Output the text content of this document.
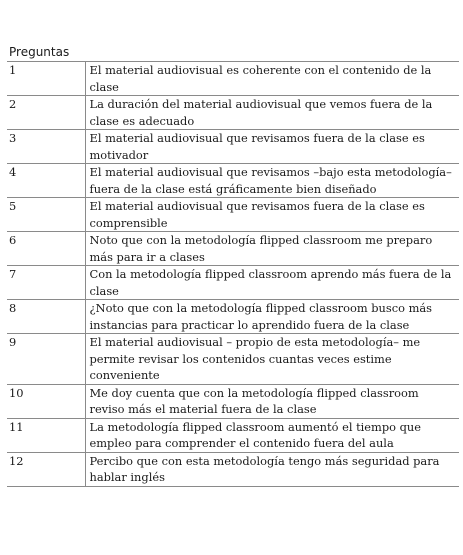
Preguntas
1	El material audiovisual es coherente con el contenido de la clase
2	La duración del material audiovisual que vemos fuera de la clase es adecuado
3	El material audiovisual que revisamos fuera de la clase es motivador
4	El material audiovisual que revisamos –bajo esta metodología– fuera de la clase está gráficamente bien diseñado
5	El material audiovisual que revisamos fuera de la clase es comprensible
6	Noto que con la metodología flipped classroom me preparo más para ir a clases
7	Con la metodología flipped classroom aprendo más fuera de la clase
8	¿Noto que con la metodología flipped classroom busco más instancias para practicar lo aprendido fuera de la clase
9	El material audiovisual – propio de esta metodología– me permite revisar los contenidos cuantas veces estime conveniente
10	Me doy cuenta que con la metodología flipped classroom reviso más el material fuera de la clase
11	La metodología flipped classroom aumentó el tiempo que empleo para comprender el contenido fuera del aula
12	Percibo que con esta metodología tengo más seguridad para hablar inglés
